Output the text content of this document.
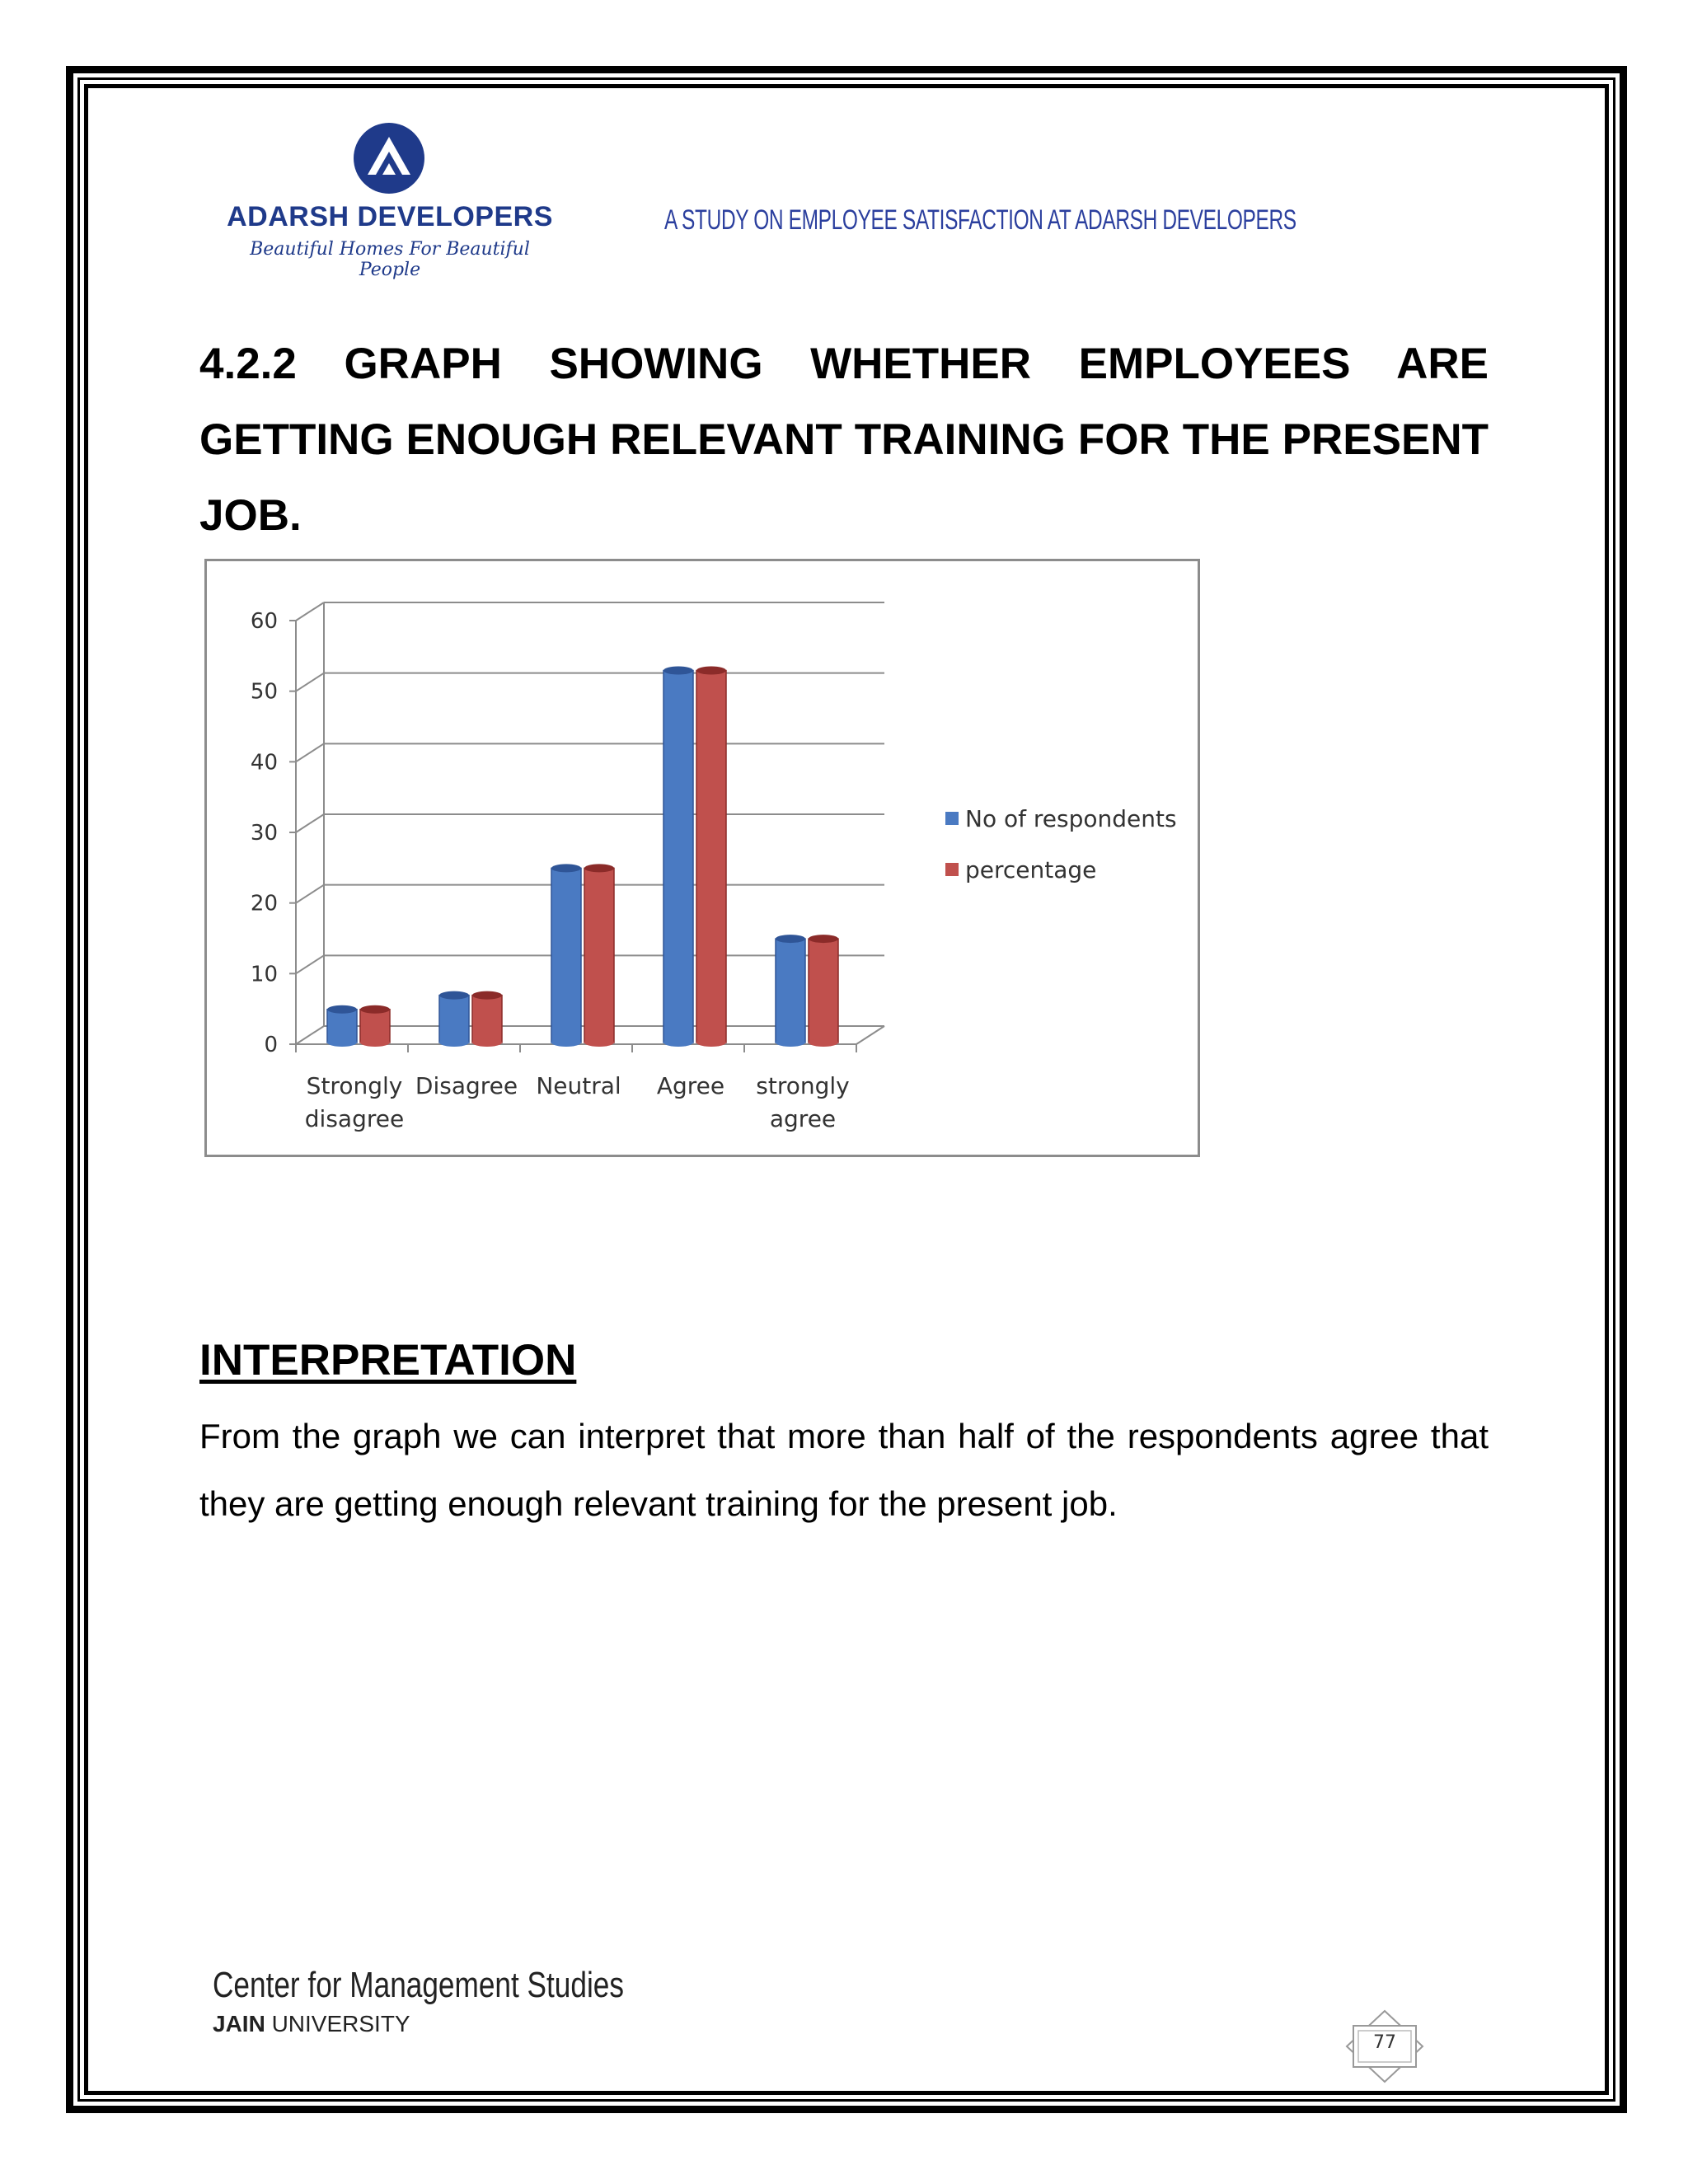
ADARSH DEVELOPERS
Beautiful Homes For Beautiful People
A STUDY ON EMPLOYEE SATISFACTION AT ADARSH DEVELOPERS
4.2.2 GRAPH SHOWING WHETHER EMPLOYEES ARE GETTING ENOUGH RELEVANT TRAINING FOR THE PRESENT JOB.
0
10
20
30
40
50
60
Strongly
disagree
Disagree Neutral Agree strongly
agree
No of respondents
percentage
INTERPRETATION
From the graph we can interpret that more than half of the respondents agree that they are getting enough relevant training for the present job.
Center for Management Studies
JAIN UNIVERSITY
77
